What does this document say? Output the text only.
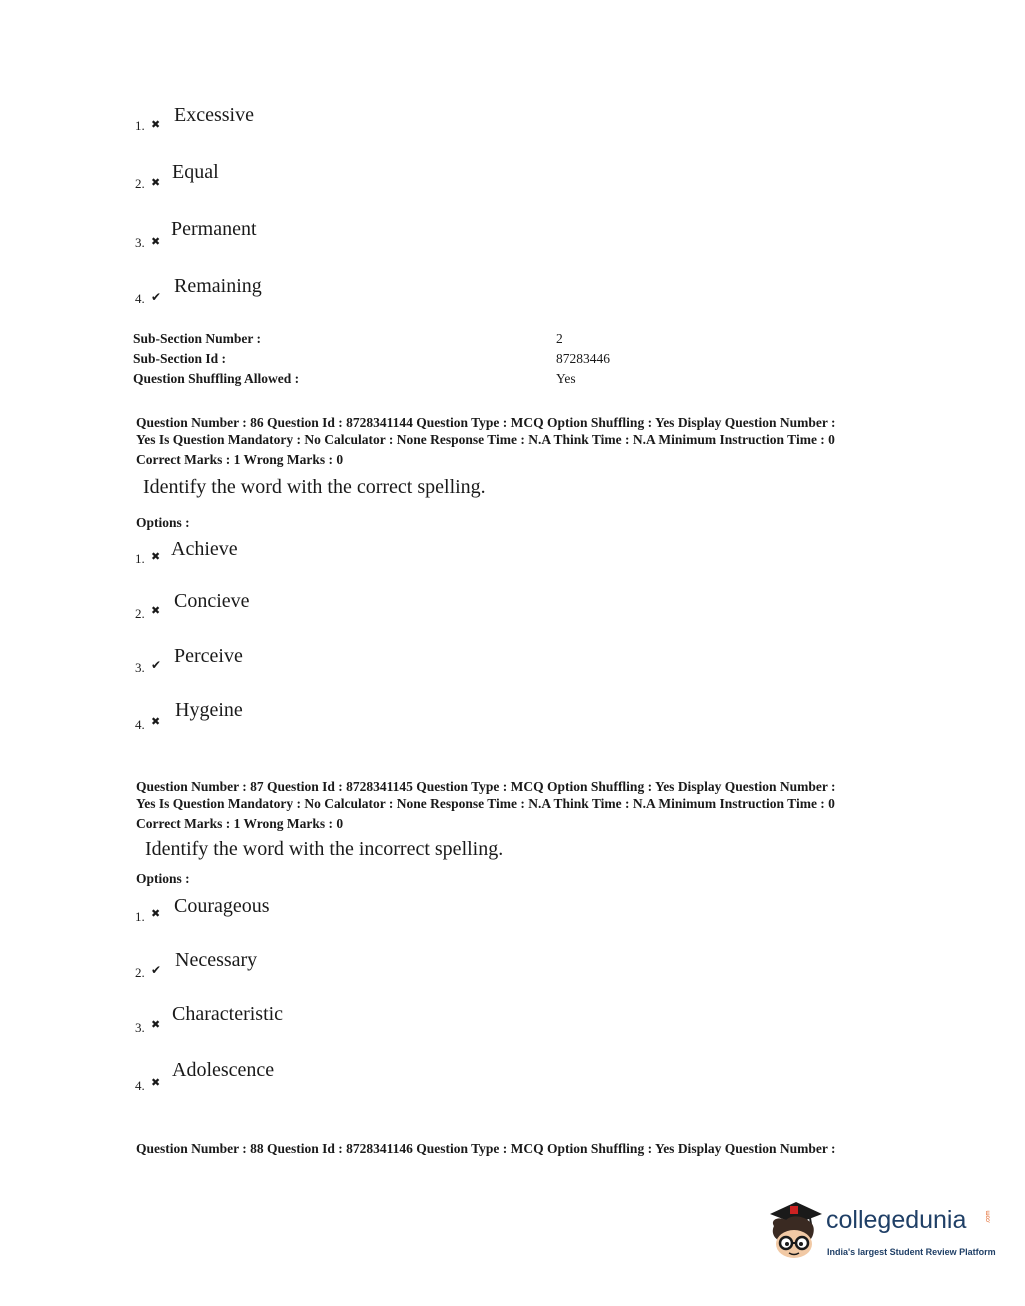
1. ✖ Excessive
2. ✖ Equal
3. ✖
Permanent
4. ✔ Remaining
Sub-Section Number :	2
Sub-Section Id :	87283446
Question Shuffling Allowed :	Yes
Question Number : 86 Question Id : 8728341144 Question Type : MCQ Option Shuffling : Yes Display Question Number :
Yes Is Question Mandatory : No Calculator : None Response Time : N.A Think Time : N.A Minimum Instruction Time : 0
Correct Marks : 1 Wrong Marks : 0
Identify the word with the correct spelling.
Options :
1. ✖ Achieve
2. ✖ Concieve
3. ✔ Perceive
4. ✖
Hygeine
Question Number : 87 Question Id : 8728341145 Question Type : MCQ Option Shuffling : Yes Display Question Number :
Yes Is Question Mandatory : No Calculator : None Response Time : N.A Think Time : N.A Minimum Instruction Time : 0
Correct Marks : 1 Wrong Marks : 0
Identify the word with the incorrect spelling.
Options :
1. ✖ Courageous
2. ✔ Necessary
3. ✖ Characteristic
4. ✖
Adolescence
Question Number : 88 Question Id : 8728341146 Question Type : MCQ Option Shuffling : Yes Display Question Number :
collegedunia	.com
India's largest Student Review Platform
